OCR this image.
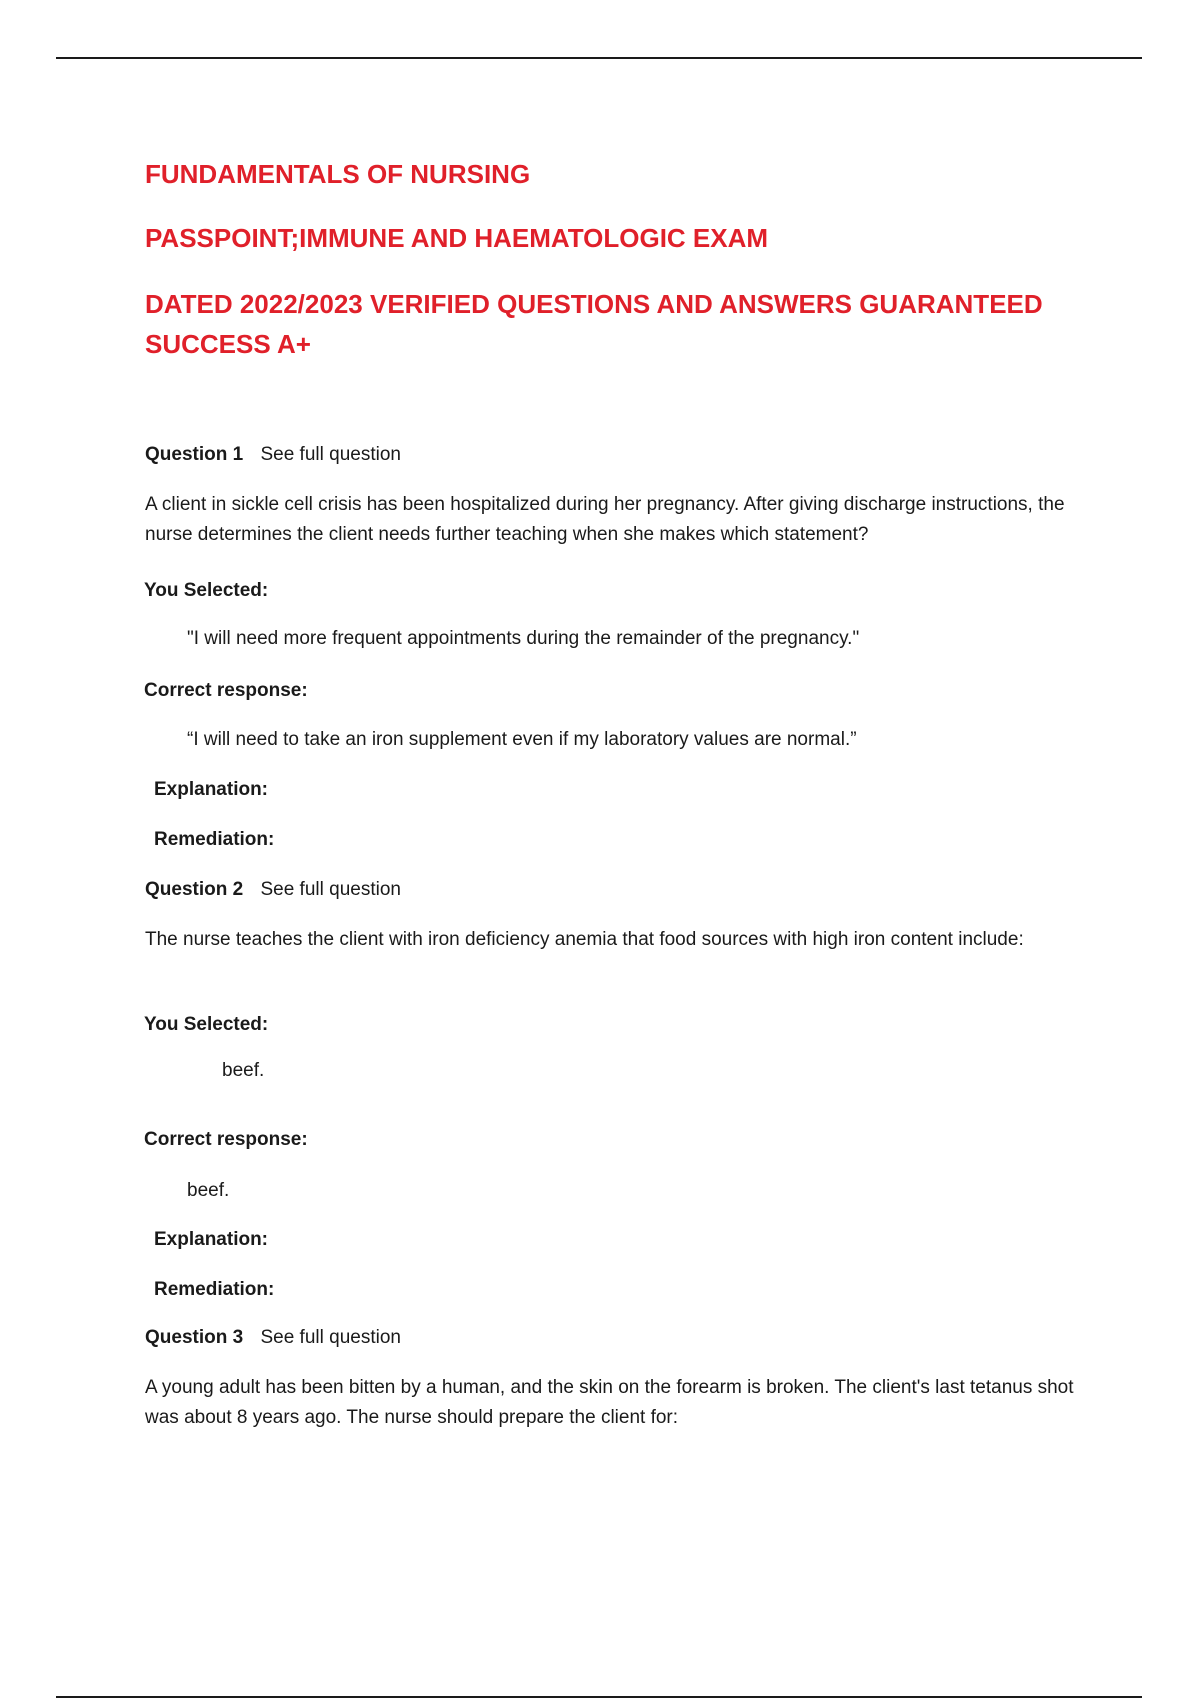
FUNDAMENTALS OF NURSING
PASSPOINT;IMMUNE AND HAEMATOLOGIC EXAM
DATED 2022/2023 VERIFIED QUESTIONS AND ANSWERS GUARANTEED SUCCESS A+
Question 1 See full question
A client in sickle cell crisis has been hospitalized during her pregnancy. After giving discharge instructions, the nurse determines the client needs further teaching when she makes which statement?
You Selected:
"I will need more frequent appointments during the remainder of the pregnancy."
Correct response:
“I will need to take an iron supplement even if my laboratory values are normal.”
Explanation:
Remediation:
Question 2 See full question
The nurse teaches the client with iron deficiency anemia that food sources with high iron content include:
You Selected:
beef.
Correct response:
beef.
Explanation:
Remediation:
Question 3 See full question
A young adult has been bitten by a human, and the skin on the forearm is broken. The client's last tetanus shot was about 8 years ago. The nurse should prepare the client for:
